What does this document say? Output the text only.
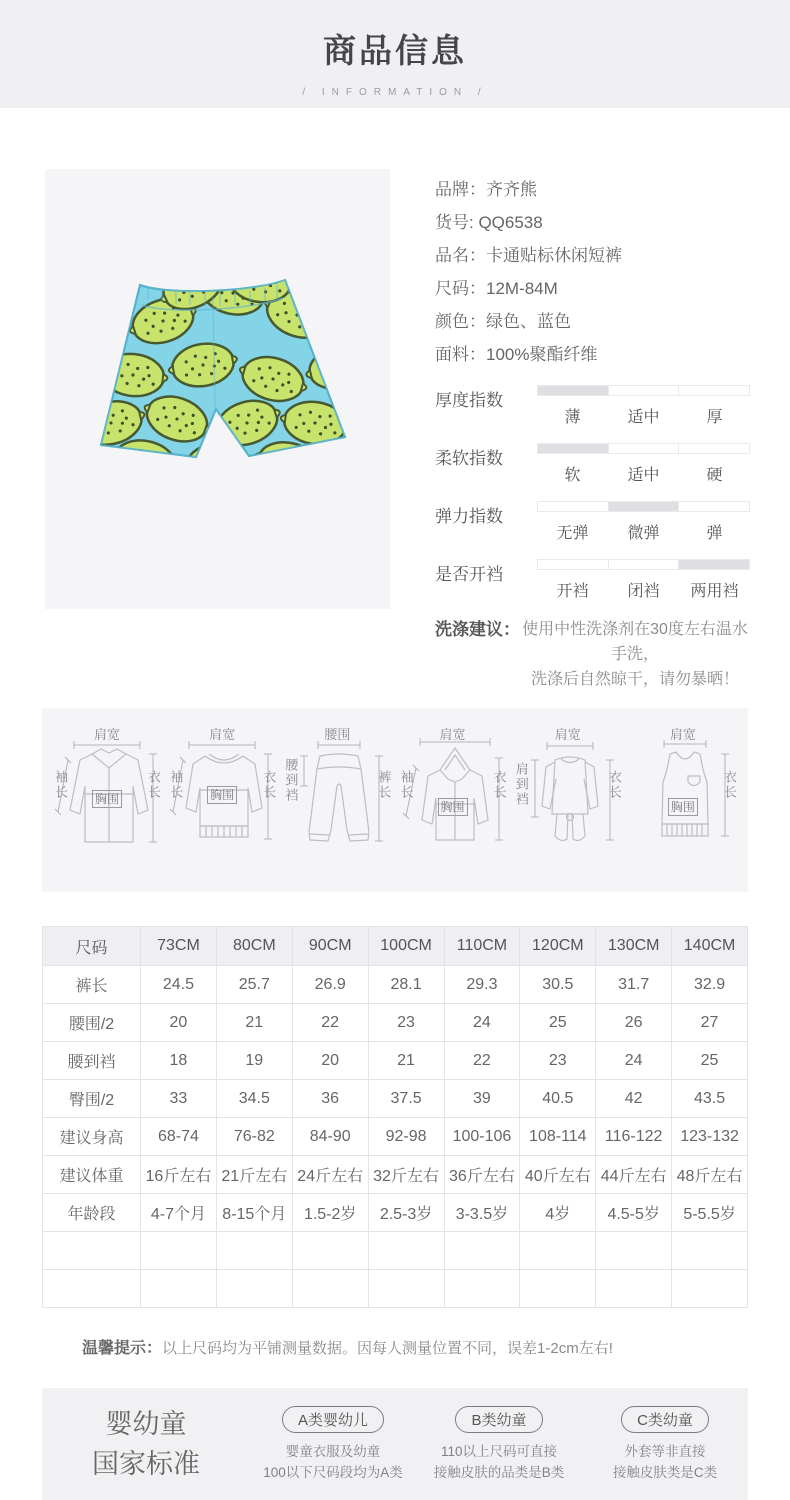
商品信息
/ INFORMATION /
品牌：齐齐熊
货号: QQ6538
品名：卡通贴标休闲短裤
尺码：12M-84M
颜色：绿色、蓝色
面料：100%聚酯纤维
厚度指数
薄	适中	厚
柔软指数
软	适中	硬
弹力指数
无弹	微弹	弹
是否开裆
开裆	闭裆	两用裆
洗涤建议： 使用中性洗涤剂在30度左右温水手洗，
洗涤后自然晾干，请勿暴晒！
肩宽
袖长	衣长
胸围
肩宽
袖长	衣长
胸围
腰围
腰到裆	裤长
肩宽
袖长	衣长
胸围
肩宽
肩到裆	衣长
肩宽
衣长
胸围
尺码	73CM	80CM	90CM	100CM	110CM	120CM	130CM	140CM
裤长	24.5	25.7	26.9	28.1	29.3	30.5	31.7	32.9
腰围/2	20	21	22	23	24	25	26	27
腰到裆	18	19	20	21	22	23	24	25
臀围/2	33	34.5	36	37.5	39	40.5	42	43.5
建议身高	68-74	76-82	84-90	92-98	100-106	108-114	116-122	123-132
建议体重	16斤左右	21斤左右	24斤左右	32斤左右	36斤左右	40斤左右	44斤左右	48斤左右
年龄段	4-7个月	8-15个月	1.5-2岁	2.5-3岁	3-3.5岁	4岁	4.5-5岁	5-5.5岁

温馨提示：以上尺码均为平铺测量数据。因每人测量位置不同，误差1-2cm左右!
婴幼童
国家标准
A类婴幼儿
婴童衣服及幼童
100以下尺码段均为A类
B类幼童
110以上尺码可直接
接触皮肤的品类是B类
C类幼童
外套等非直接
接触皮肤类是C类
